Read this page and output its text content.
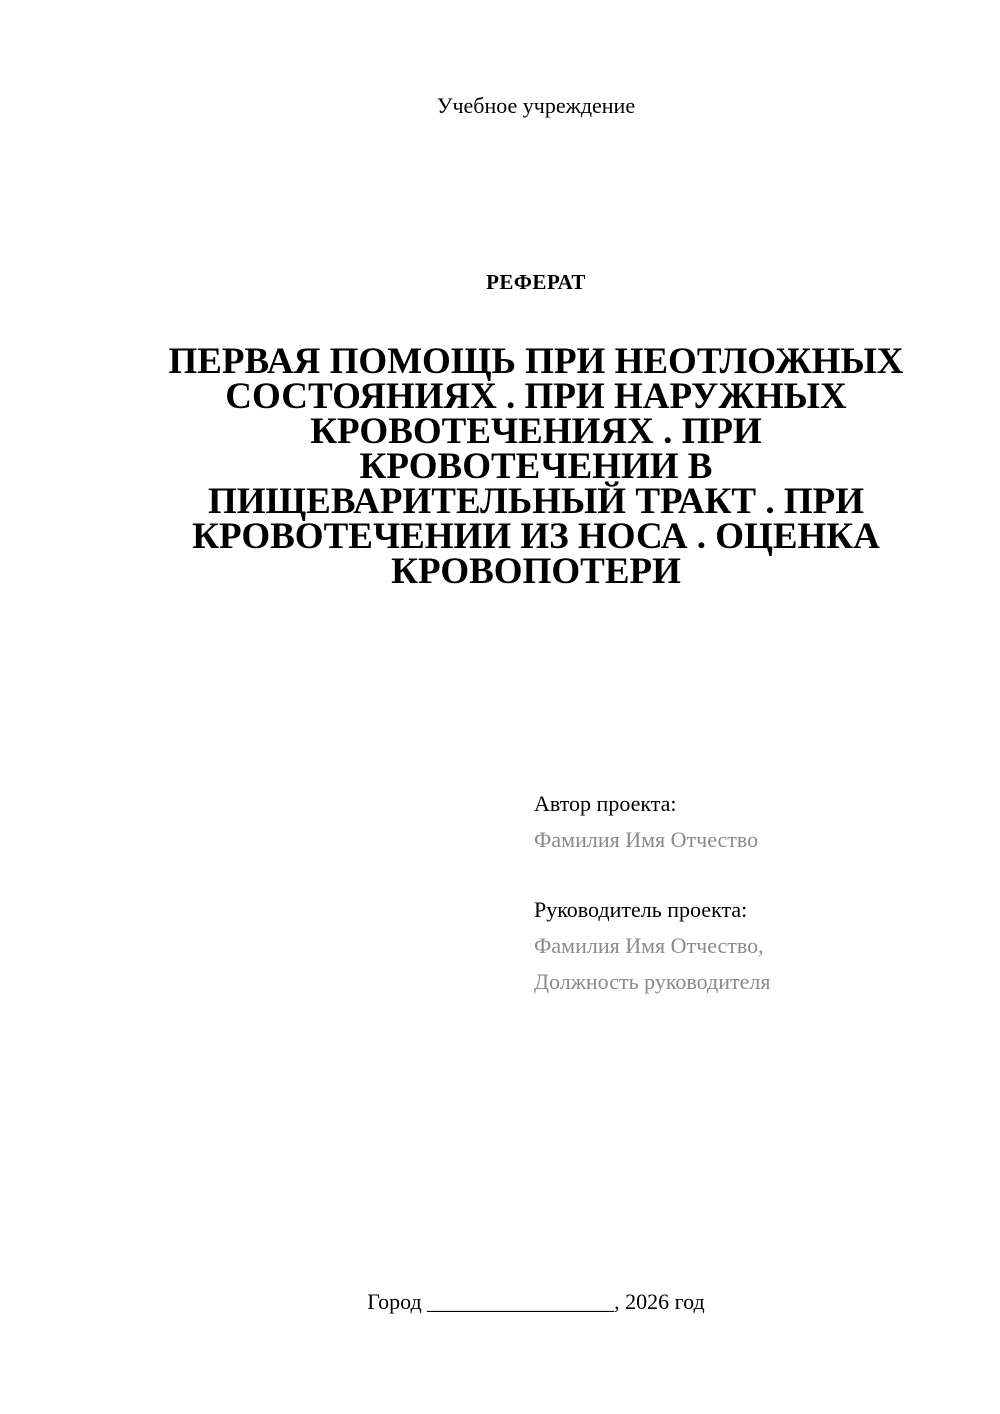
Учебное учреждение
РЕФЕРАТ
ПЕРВАЯ ПОМОЩЬ ПРИ НЕОТЛОЖНЫХ СОСТОЯНИЯХ . ПРИ НАРУЖНЫХ КРОВОТЕЧЕНИЯХ . ПРИ КРОВОТЕЧЕНИИ В ПИЩЕВАРИТЕЛЬНЫЙ ТРАКТ . ПРИ КРОВОТЕЧЕНИИ ИЗ НОСА . ОЦЕНКА КРОВОПОТЕРИ
Автор проекта:
Фамилия Имя Отчество
Руководитель проекта:
Фамилия Имя Отчество,
Должность руководителя
Город _________________, 2026 год
